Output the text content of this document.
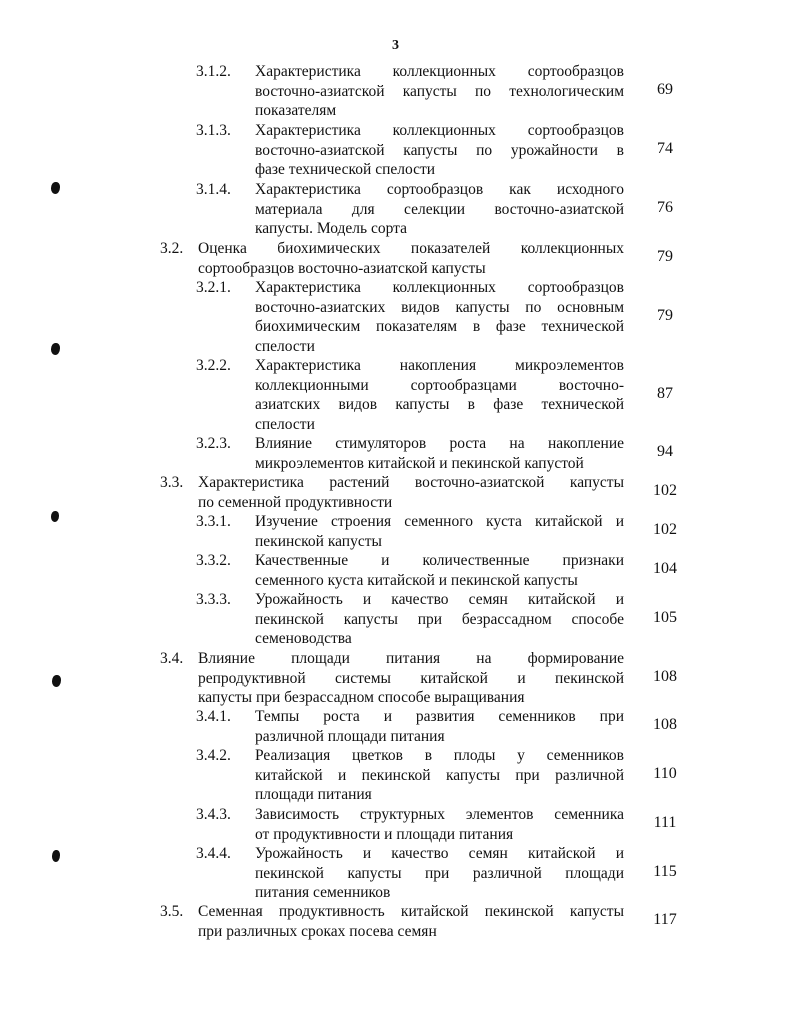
3
3.1.2. Характеристика коллекционных сортообразцов
восточно-азиатской капусты по технологическим
показателям
69
3.1.3. Характеристика коллекционных сортообразцов
восточно-азиатской капусты по урожайности в
фазе технической спелости
74
3.1.4. Характеристика сортообразцов как исходного
материала для селекции восточно-азиатской
капусты. Модель сорта
76
3.2. Оценка биохимических показателей коллекционных
сортообразцов восточно-азиатской капусты
79
3.2.1. Характеристика коллекционных сортообразцов
восточно-азиатских видов капусты по основным
биохимическим показателям в фазе технической
спелости
79
3.2.2. Характеристика накопления микроэлементов
коллекционными сортообразцами восточно-
азиатских видов капусты в фазе технической
спелости
87
3.2.3. Влияние стимуляторов роста на накопление
микроэлементов китайской и пекинской капустой
94
3.3. Характеристика растений восточно-азиатской капусты
по семенной продуктивности
102
3.3.1. Изучение строения семенного куста китайской и
пекинской капусты
102
3.3.2. Качественные и количественные признаки
семенного куста китайской и пекинской капусты
104
3.3.3. Урожайность и качество семян китайской и
пекинской капусты при безрассадном способе
семеноводства
105
3.4. Влияние площади питания на формирование
репродуктивной системы китайской и пекинской
капусты при безрассадном способе выращивания
108
3.4.1. Темпы роста и развития семенников при
различной площади питания
108
3.4.2. Реализация цветков в плоды у семенников
китайской и пекинской капусты при различной
площади питания
110
3.4.3. Зависимость структурных элементов семенника
от продуктивности и площади питания
111
3.4.4. Урожайность и качество семян китайской и
пекинской капусты при различной площади
питания семенников
115
3.5. Семенная продуктивность китайской пекинской капусты
при различных сроках посева семян
117
